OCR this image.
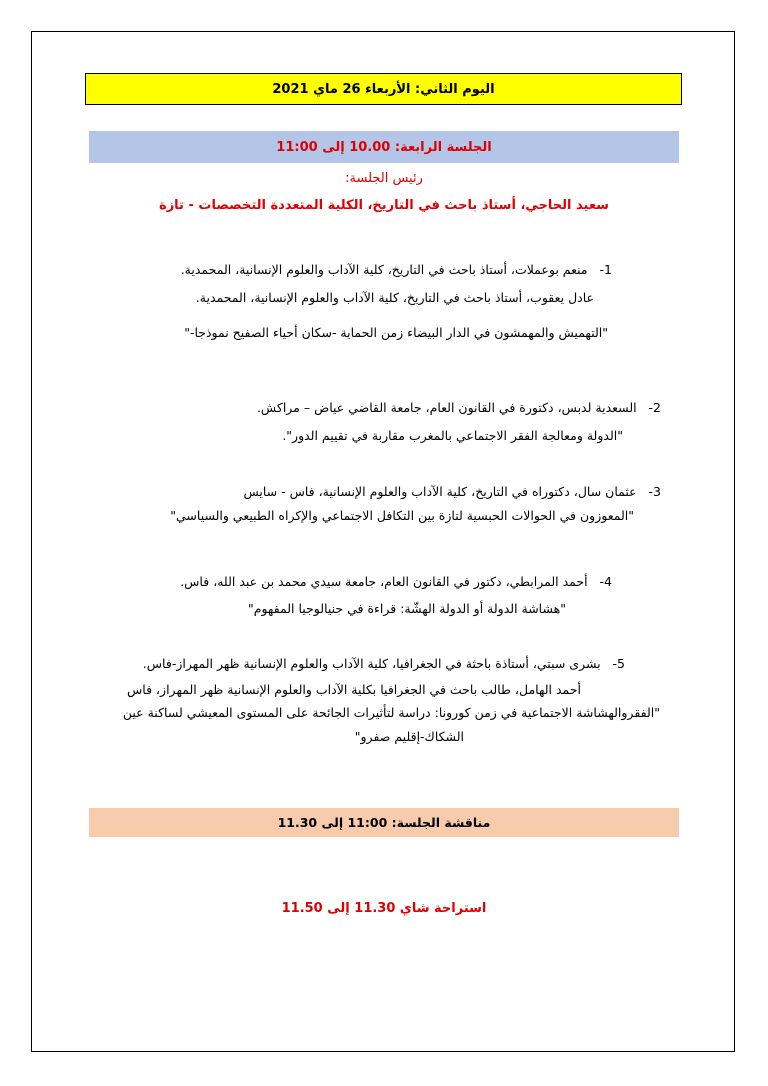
اليوم الثاني: الأربعاء 26 ماي 2021
الجلسة الرابعة: 10.00 إلى 11:00
رئيس الجلسة:
سعيد الحاجي، أستاذ باحث في التاريخ، الكلية المتعددة التخصصات - تازة
1-   منعم بوعملات، أستاذ باحث في التاريخ، كلية الآداب والعلوم الإنسانية، المحمدية.
عادل يعقوب، أستاذ باحث في التاريخ، كلية الآداب والعلوم الإنسانية، المحمدية.
"التهميش والمهمشون في الدار البيضاء زمن الحماية -سكان أحياء الصفيح نموذجا-"
2-   السعدية لدبس، دكتورة في القانون العام، جامعة القاضي عياض – مراكش.
"الدولة ومعالجة الفقر الاجتماعي بالمغرب مقاربة في تقييم الدور".
3-   عثمان سال، دكتوراه في التاريخ، كلية الآداب والعلوم الإنسانية، فاس - سايس
"المعوزون في الحوالات الحبسية لتازة بين التكافل الاجتماعي والإكراه الطبيعي والسياسي"
4-   أحمد المرابطي، دكتور في القانون العام، جامعة سيدي محمد بن عبد الله، فاس.
"هشاشة الدولة أو الدولة الهشّة: قراءة في جنيالوجيا المفهوم"
5-   بشرى سبتي، أستاذة باحثة في الجغرافيا، كلية الآداب والعلوم الإنسانية ظهر المهراز-فاس.
أحمد الهامل، طالب باحث في الجغرافيا بكلية الآداب والعلوم الإنسانية ظهر المهراز، فاس
"الفقروالهشاشة الاجتماعية في زمن كورونا: دراسة لتأثيرات الجائحة على المستوى المعيشي لساكنة عين
الشكاك-إقليم صفرو"
مناقشة الجلسة: 11:00 إلى 11.30
استراحة شاي 11.30 إلى 11.50
